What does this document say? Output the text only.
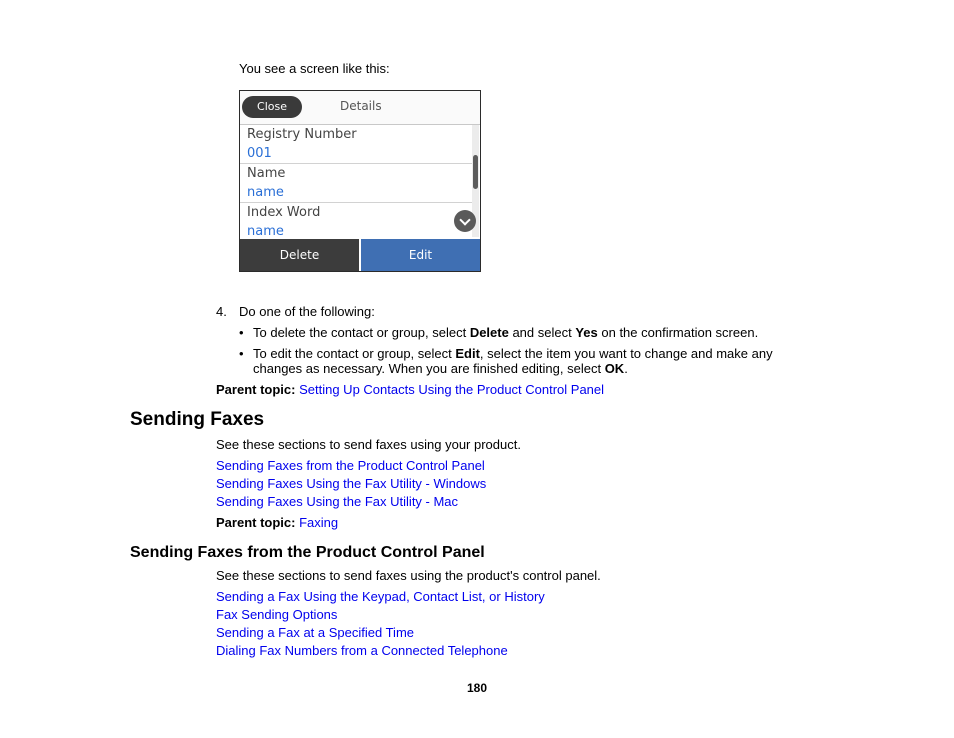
You see a screen like this:
Close	Details
Registry Number
001
Name
name
Index Word
name
Delete	Edit
4. Do one of the following:
• To delete the contact or group, select Delete and select Yes on the confirmation screen.
• To edit the contact or group, select Edit, select the item you want to change and make any
changes as necessary. When you are finished editing, select OK.
Parent topic: Setting Up Contacts Using the Product Control Panel
Sending Faxes
See these sections to send faxes using your product.
Sending Faxes from the Product Control Panel
Sending Faxes Using the Fax Utility - Windows
Sending Faxes Using the Fax Utility - Mac
Parent topic: Faxing
Sending Faxes from the Product Control Panel
See these sections to send faxes using the product's control panel.
Sending a Fax Using the Keypad, Contact List, or History
Fax Sending Options
Sending a Fax at a Specified Time
Dialing Fax Numbers from a Connected Telephone
180
